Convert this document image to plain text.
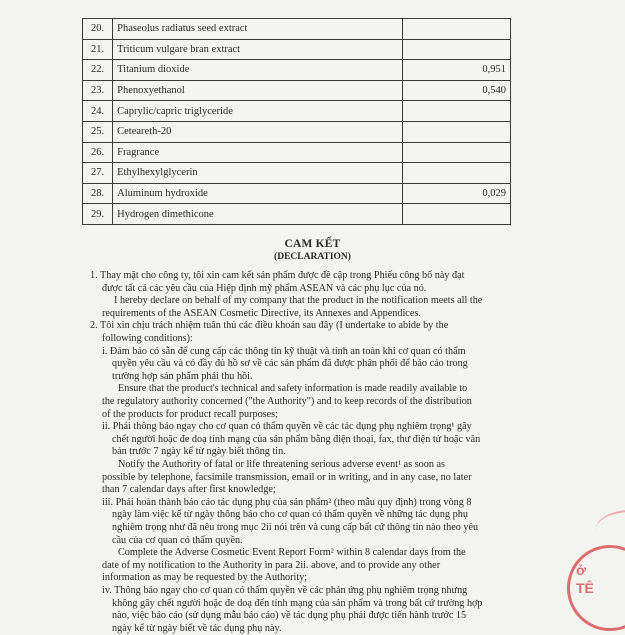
20.	Phaseolus radiatus seed extract	
21.	Triticum vulgare bran extract	
22.	Titanium dioxide	0,951
23.	Phenoxyethanol	0,540
24.	Caprylic/capric triglyceride	
25.	Ceteareth-20	
26.	Fragrance	
27.	Ethylhexylglycerin	
28.	Aluminum hydroxide	0,029
29.	Hydrogen dimethicone	
CAM KẾT
(DECLARATION)
1. Thay mặt cho công ty, tôi xin cam kết sản phẩm được đề cập trong Phiếu công bố này đạt
được tất cả các yêu cầu của Hiệp định mỹ phẩm ASEAN và các phụ lục của nó.
I hereby declare on behalf of my company that the product in the notification meets all the
requirements of the ASEAN Cosmetic Directive, its Annexes and Appendices.
2. Tôi xin chịu trách nhiệm tuân thủ các điều khoản sau đây (I undertake to abide by the
following conditions):
i. Đảm bảo có sẵn để cung cấp các thông tin kỹ thuật và tính an toàn khi cơ quan có thẩm
quyền yêu cầu và có đầy đủ hồ sơ về các sản phẩm đã được phân phối để báo cáo trong
trường hợp sản phẩm phải thu hồi.
Ensure that the product's technical and safety information is made readily available to
the regulatory authority concerned ("the Authority") and to keep records of the distribution
of the products for product recall purposes;
ii. Phải thông báo ngay cho cơ quan có thẩm quyền về các tác dụng phụ nghiêm trọng¹ gây
chết người hoặc đe doạ tính mạng của sản phẩm bằng điện thoại, fax, thư điện tử hoặc văn
bản trước 7 ngày kể từ ngày biết thông tin.
Notify the Authority of fatal or life threatening serious adverse event¹ as soon as
possible by telephone, facsimile transmission, email or in writing, and in any case, no later
than 7 calendar days after first knowledge;
iii. Phải hoàn thành báo cáo tác dụng phụ của sản phẩm² (theo mẫu quy định) trong vòng 8
ngày làm việc kể từ ngày thông báo cho cơ quan có thẩm quyền về những tác dụng phụ
nghiêm trọng như đã nêu trong mục 2ii nói trên và cung cấp bất cứ thông tin nào theo yêu
cầu của cơ quan có thẩm quyền.
Complete the Adverse Cosmetic Event Report Form² within 8 calendar days from the
date of my notification to the Authority in para 2ii. above, and to provide any other
information as may be requested by the Authority;
iv. Thông báo ngay cho cơ quan có thẩm quyền về các phản ứng phụ nghiêm trọng nhưng
không gây chết người hoặc đe doạ đến tính mạng của sản phẩm và trong bất cứ trường hợp
nào, việc báo cáo (sử dụng mẫu báo cáo) về tác dụng phụ phải được tiến hành trước 15
ngày kể từ ngày biết về tác dụng phụ này.
ở
TÊ
